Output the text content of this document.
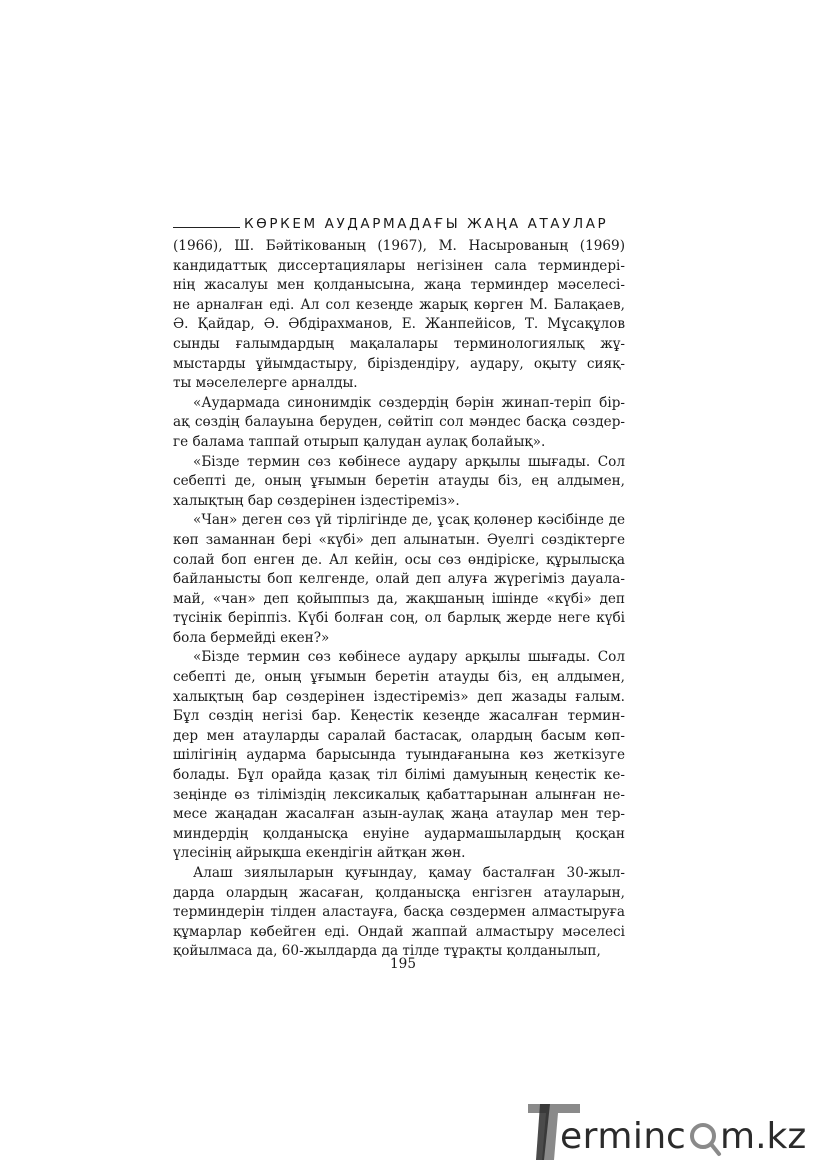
КӨРКЕМ АУДАРМАДАҒЫ ЖАҢА АТАУЛАР
(1966), Ш. Бәйтікованың (1967), М. Насырованың (1969)
кандидаттық диссертациялары негізінен сала терминдері-
нің жасалуы мен қолданысына, жаңа терминдер мәселесі-
не арналған еді. Ал сол кезеңде жарық көрген М. Балақаев,
Ә. Қайдар, Ә. Әбдірахманов, Е. Жанпейісов, Т. Мұсақұлов
сынды ғалымдардың мақалалары терминологиялық жұ-
мыстарды ұйымдастыру, біріздендіру, аудару, оқыту сияқ-
ты мәселелерге арналды.
«Аудармада синонимдік сөздердің бәрін жинап-теріп бір-
ақ сөздің балауына беруден, сөйтіп сол мәндес басқа сөздер-
ге балама таппай отырып қалудан аулақ болайық».
«Бізде термин сөз көбінесе аудару арқылы шығады. Сол
себепті де, оның ұғымын беретін атауды біз, ең алдымен,
халықтың бар сөздерінен іздестіреміз».
«Чан» деген сөз үй тірлігінде де, ұсақ қолөнер кәсібінде де
көп заманнан бері «күбі» деп алынатын. Әуелгі сөздіктерге
солай боп енген де. Ал кейін, осы сөз өндіріске, құрылысқа
байланысты боп келгенде, олай деп алуға жүрегіміз дауала-
май, «чан» деп қойыппыз да, жақшаның ішінде «күбі» деп
түсінік беріппіз. Күбі болған соң, ол барлық жерде неге күбі
бола бермейді екен?»
«Бізде термин сөз көбінесе аудару арқылы шығады. Сол
себепті де, оның ұғымын беретін атауды біз, ең алдымен,
халықтың бар сөздерінен іздестіреміз» деп жазады ғалым.
Бұл сөздің негізі бар. Кеңестік кезеңде жасалған термин-
дер мен атауларды саралай бастасақ, олардың басым көп-
шілігінің аударма барысында туындағанына көз жеткізуге
болады. Бұл орайда қазақ тіл білімі дамуының кеңестік ке-
зеңінде өз тіліміздің лексикалық қабаттарынан алынған не-
месе жаңадан жасалған азын-аулақ жаңа атаулар мен тер-
миндердің қолданысқа енуіне аудармашылардың қосқан
үлесінің айрықша екендігін айтқан жөн.
Алаш зиялыларын қуғындау, қамау басталған 30-жыл-
дарда олардың жасаған, қолданысқа енгізген атауларын,
терминдерін тілден аластауға, басқа сөздермен алмастыруға
құмарлар көбейген еді. Ондай жаппай алмастыру мәселесі
қойылмаса да, 60-жылдарда да тілде тұрақты қолданылып,
195
ermin c m.kz
